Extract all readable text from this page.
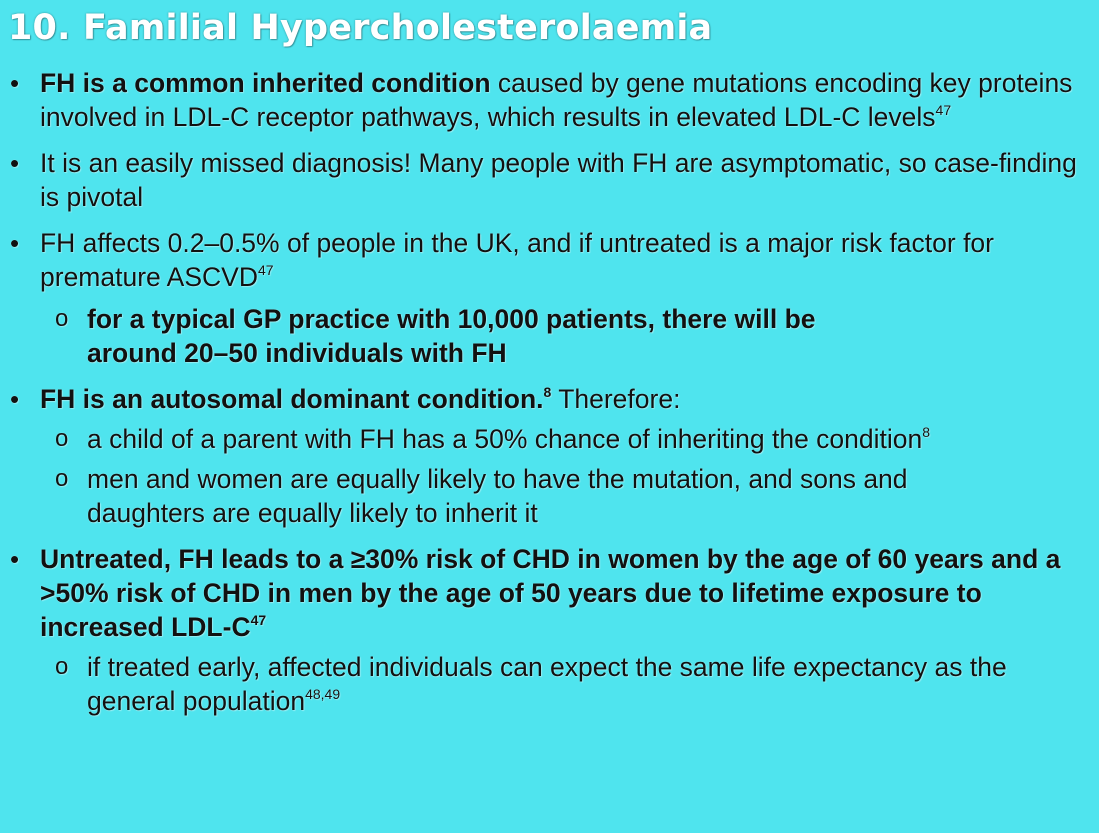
10. Familial Hypercholesterolaemia
• FH is a common inherited condition caused by gene mutations encoding key proteins involved in LDL-C receptor pathways, which results in elevated LDL-C levels$^{47}$
• It is an easily missed diagnosis! Many people with FH are asymptomatic, so case-finding is pivotal
• FH affects 0.2–0.5% of people in the UK, and if untreated is a major risk factor for premature ASCVD$^{47}$
o for a typical GP practice with 10,000 patients, there will be around 20–50 individuals with FH
• FH is an autosomal dominant condition.$^8$ Therefore:
o a child of a parent with FH has a 50% chance of inheriting the condition$^8$
o men and women are equally likely to have the mutation, and sons and daughters are equally likely to inherit it
• Untreated, FH leads to a ≥30% risk of CHD in women by the age of 60 years and a >50% risk of CHD in men by the age of 50 years due to lifetime exposure to increased LDL-$C^{47}$
o if treated early, affected individuals can expect the same life expectancy as the general population$^{48,49}$
